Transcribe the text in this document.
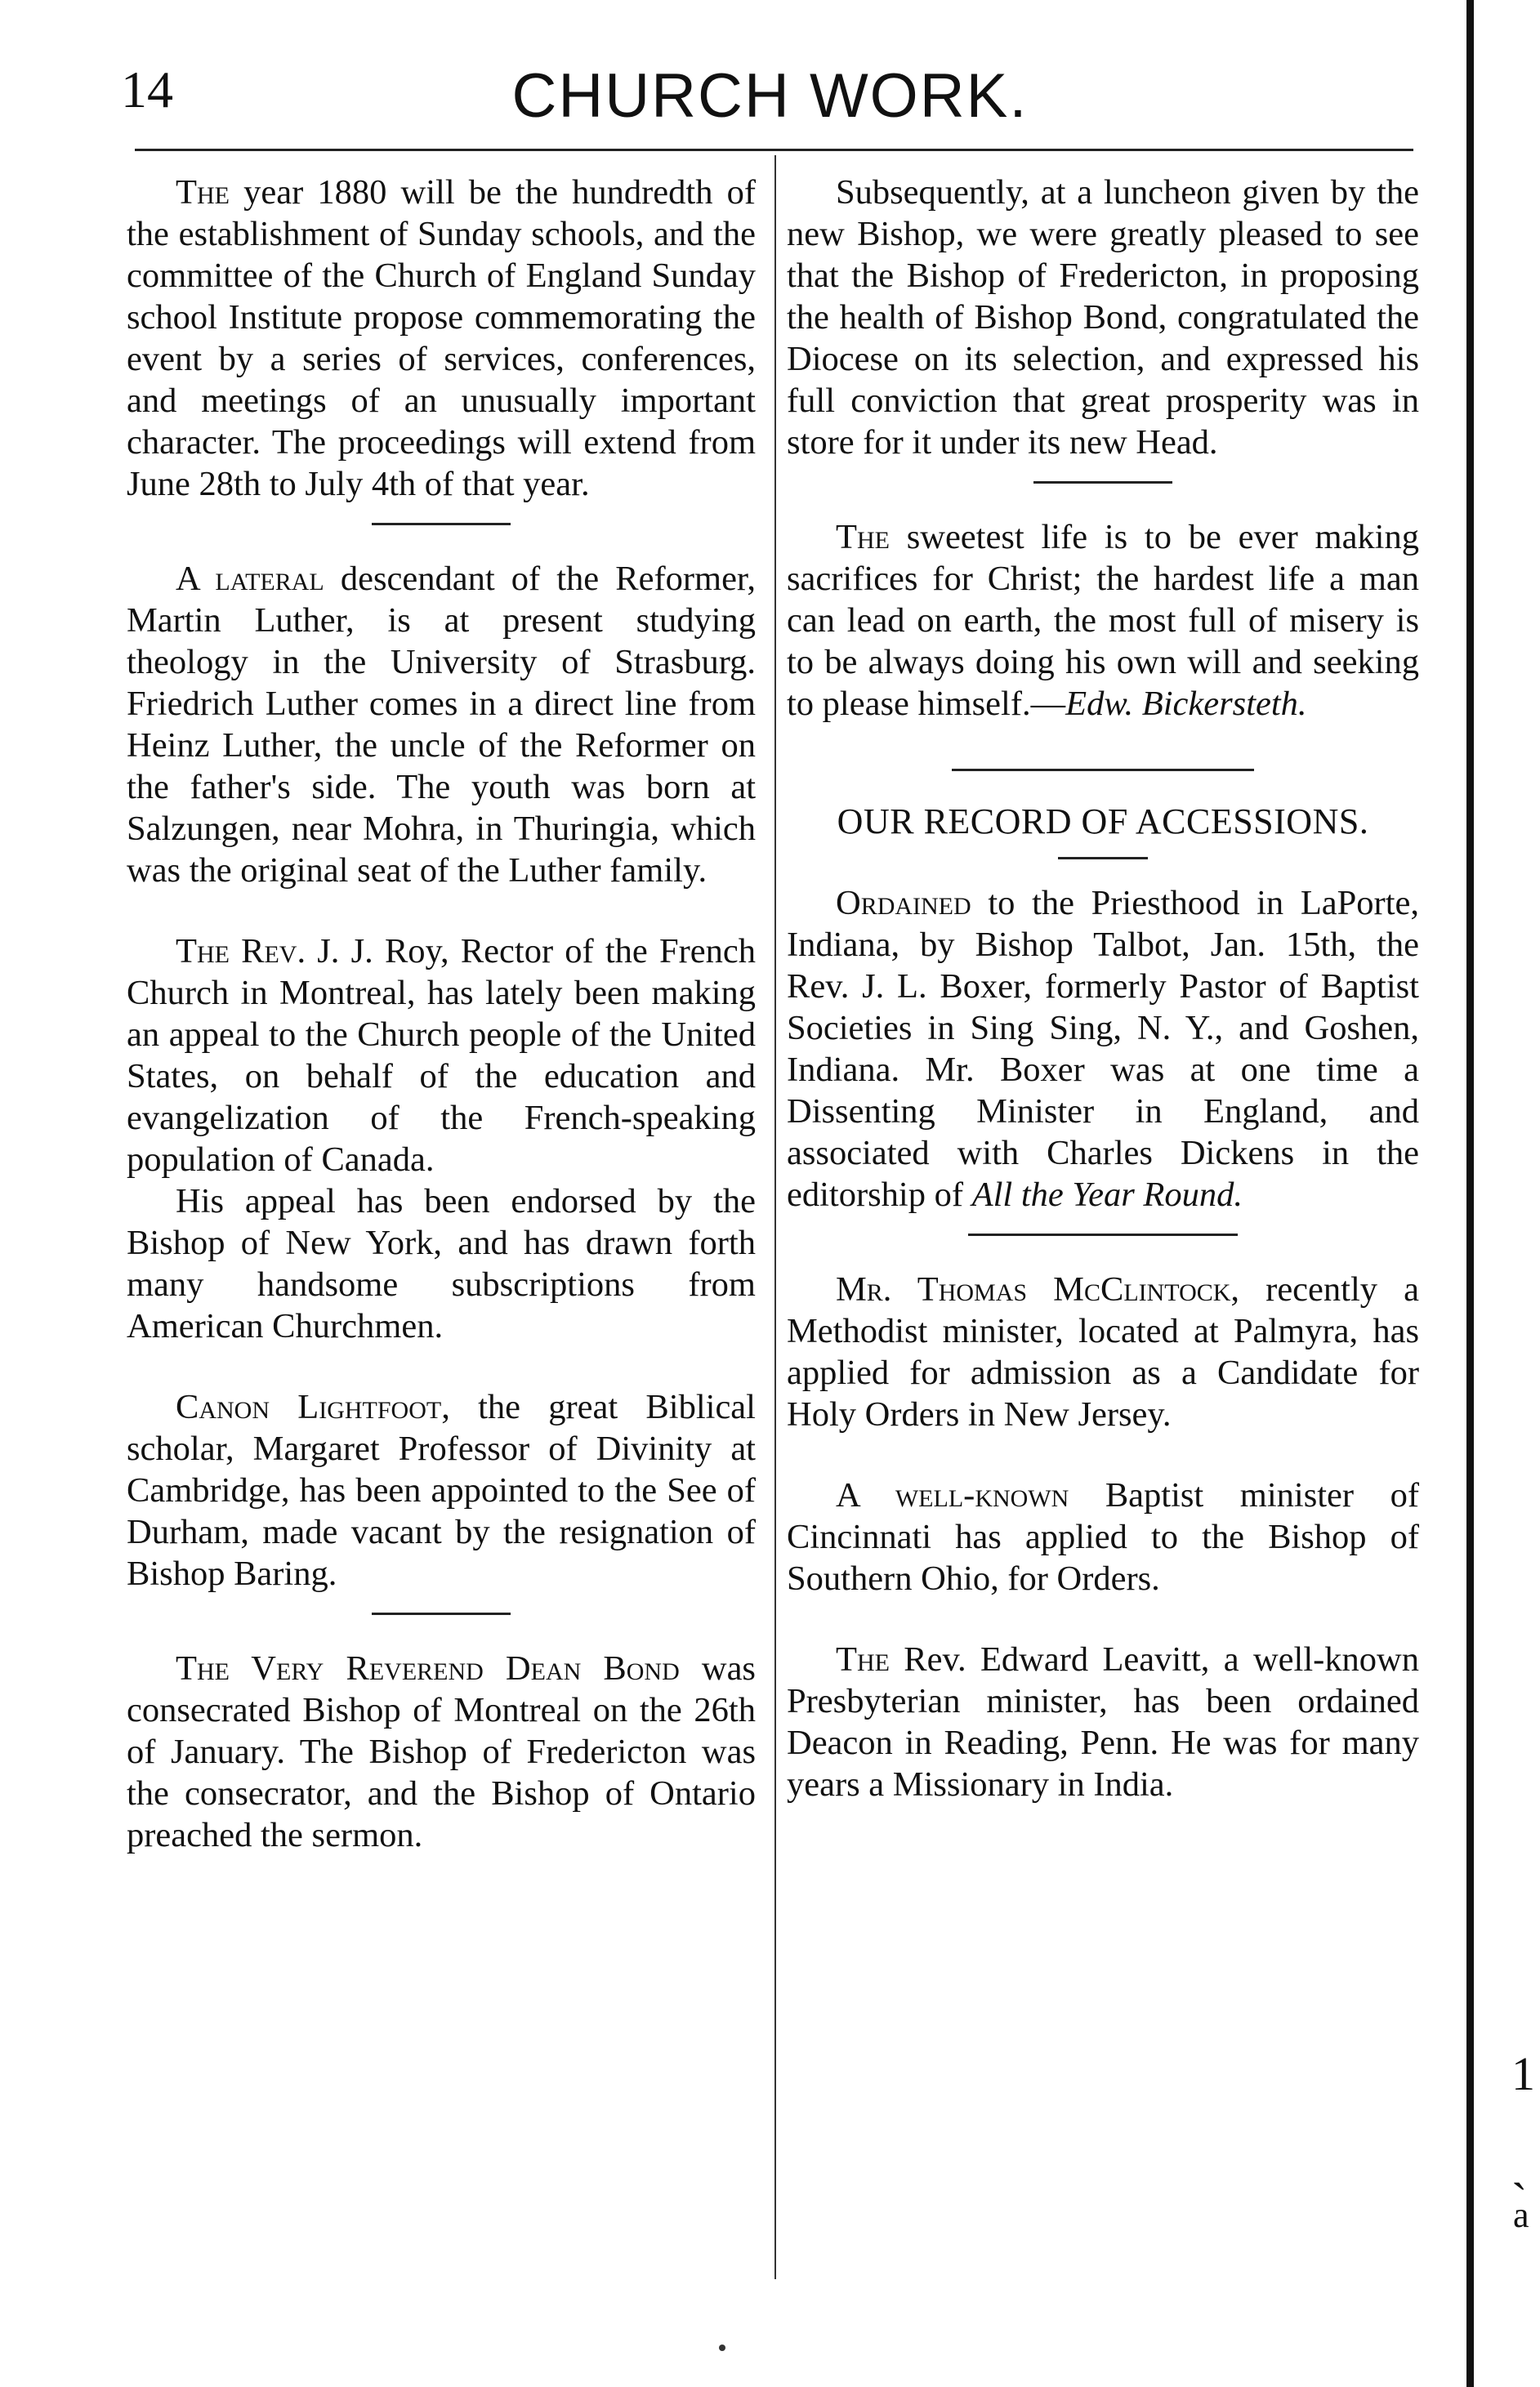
14	CHURCH WORK.

The year 1880 will be the hundredth of the establishment of Sunday schools, and the committee of the Church of England Sunday school Institute propose commemorating the event by a series of services, conferences, and meetings of an unusually important character. The proceedings will extend from June 28th to July 4th of that year.

A lateral descendant of the Reformer, Martin Luther, is at present studying theology in the University of Strasburg. Friedrich Luther comes in a direct line from Heinz Luther, the uncle of the Reformer on the father's side. The youth was born at Salzungen, near Mohra, in Thuringia, which was the original seat of the Luther family.

The Rev. J. J. Roy, Rector of the French Church in Montreal, has lately been making an appeal to the Church people of the United States, on behalf of the education and evangelization of the French-speaking population of Canada.

His appeal has been endorsed by the Bishop of New York, and has drawn forth many handsome subscriptions from American Churchmen.

Canon Lightfoot, the great Biblical scholar, Margaret Professor of Divinity at Cambridge, has been appointed to the See of Durham, made vacant by the resignation of Bishop Baring.

The Very Reverend Dean Bond was consecrated Bishop of Montreal on the 26th of January. The Bishop of Fredericton was the consecrator, and the Bishop of Ontario preached the sermon.

Subsequently, at a luncheon given by the new Bishop, we were greatly pleased to see that the Bishop of Fredericton, in proposing the health of Bishop Bond, congratulated the Diocese on its selection, and expressed his full conviction that great prosperity was in store for it under its new Head.

The sweetest life is to be ever making sacrifices for Christ; the hardest life a man can lead on earth, the most full of misery is to be always doing his own will and seeking to please himself.—Edw. Bickersteth.

OUR RECORD OF ACCESSIONS.

Ordained to the Priesthood in LaPorte, Indiana, by Bishop Talbot, Jan. 15th, the Rev. J. L. Boxer, formerly Pastor of Baptist Societies in Sing Sing, N. Y., and Goshen, Indiana. Mr. Boxer was at one time a Dissenting Minister in England, and associated with Charles Dickens in the editorship of All the Year Round.

Mr. Thomas McClintock, recently a Methodist minister, located at Palmyra, has applied for admission as a Candidate for Holy Orders in New Jersey.

A well-known Baptist minister of Cincinnati has applied to the Bishop of Southern Ohio, for Orders.

The Rev. Edward Leavitt, a well-known Presbyterian minister, has been ordained Deacon in Reading, Penn. He was for many years a Missionary in India.

1
ˎ
a
